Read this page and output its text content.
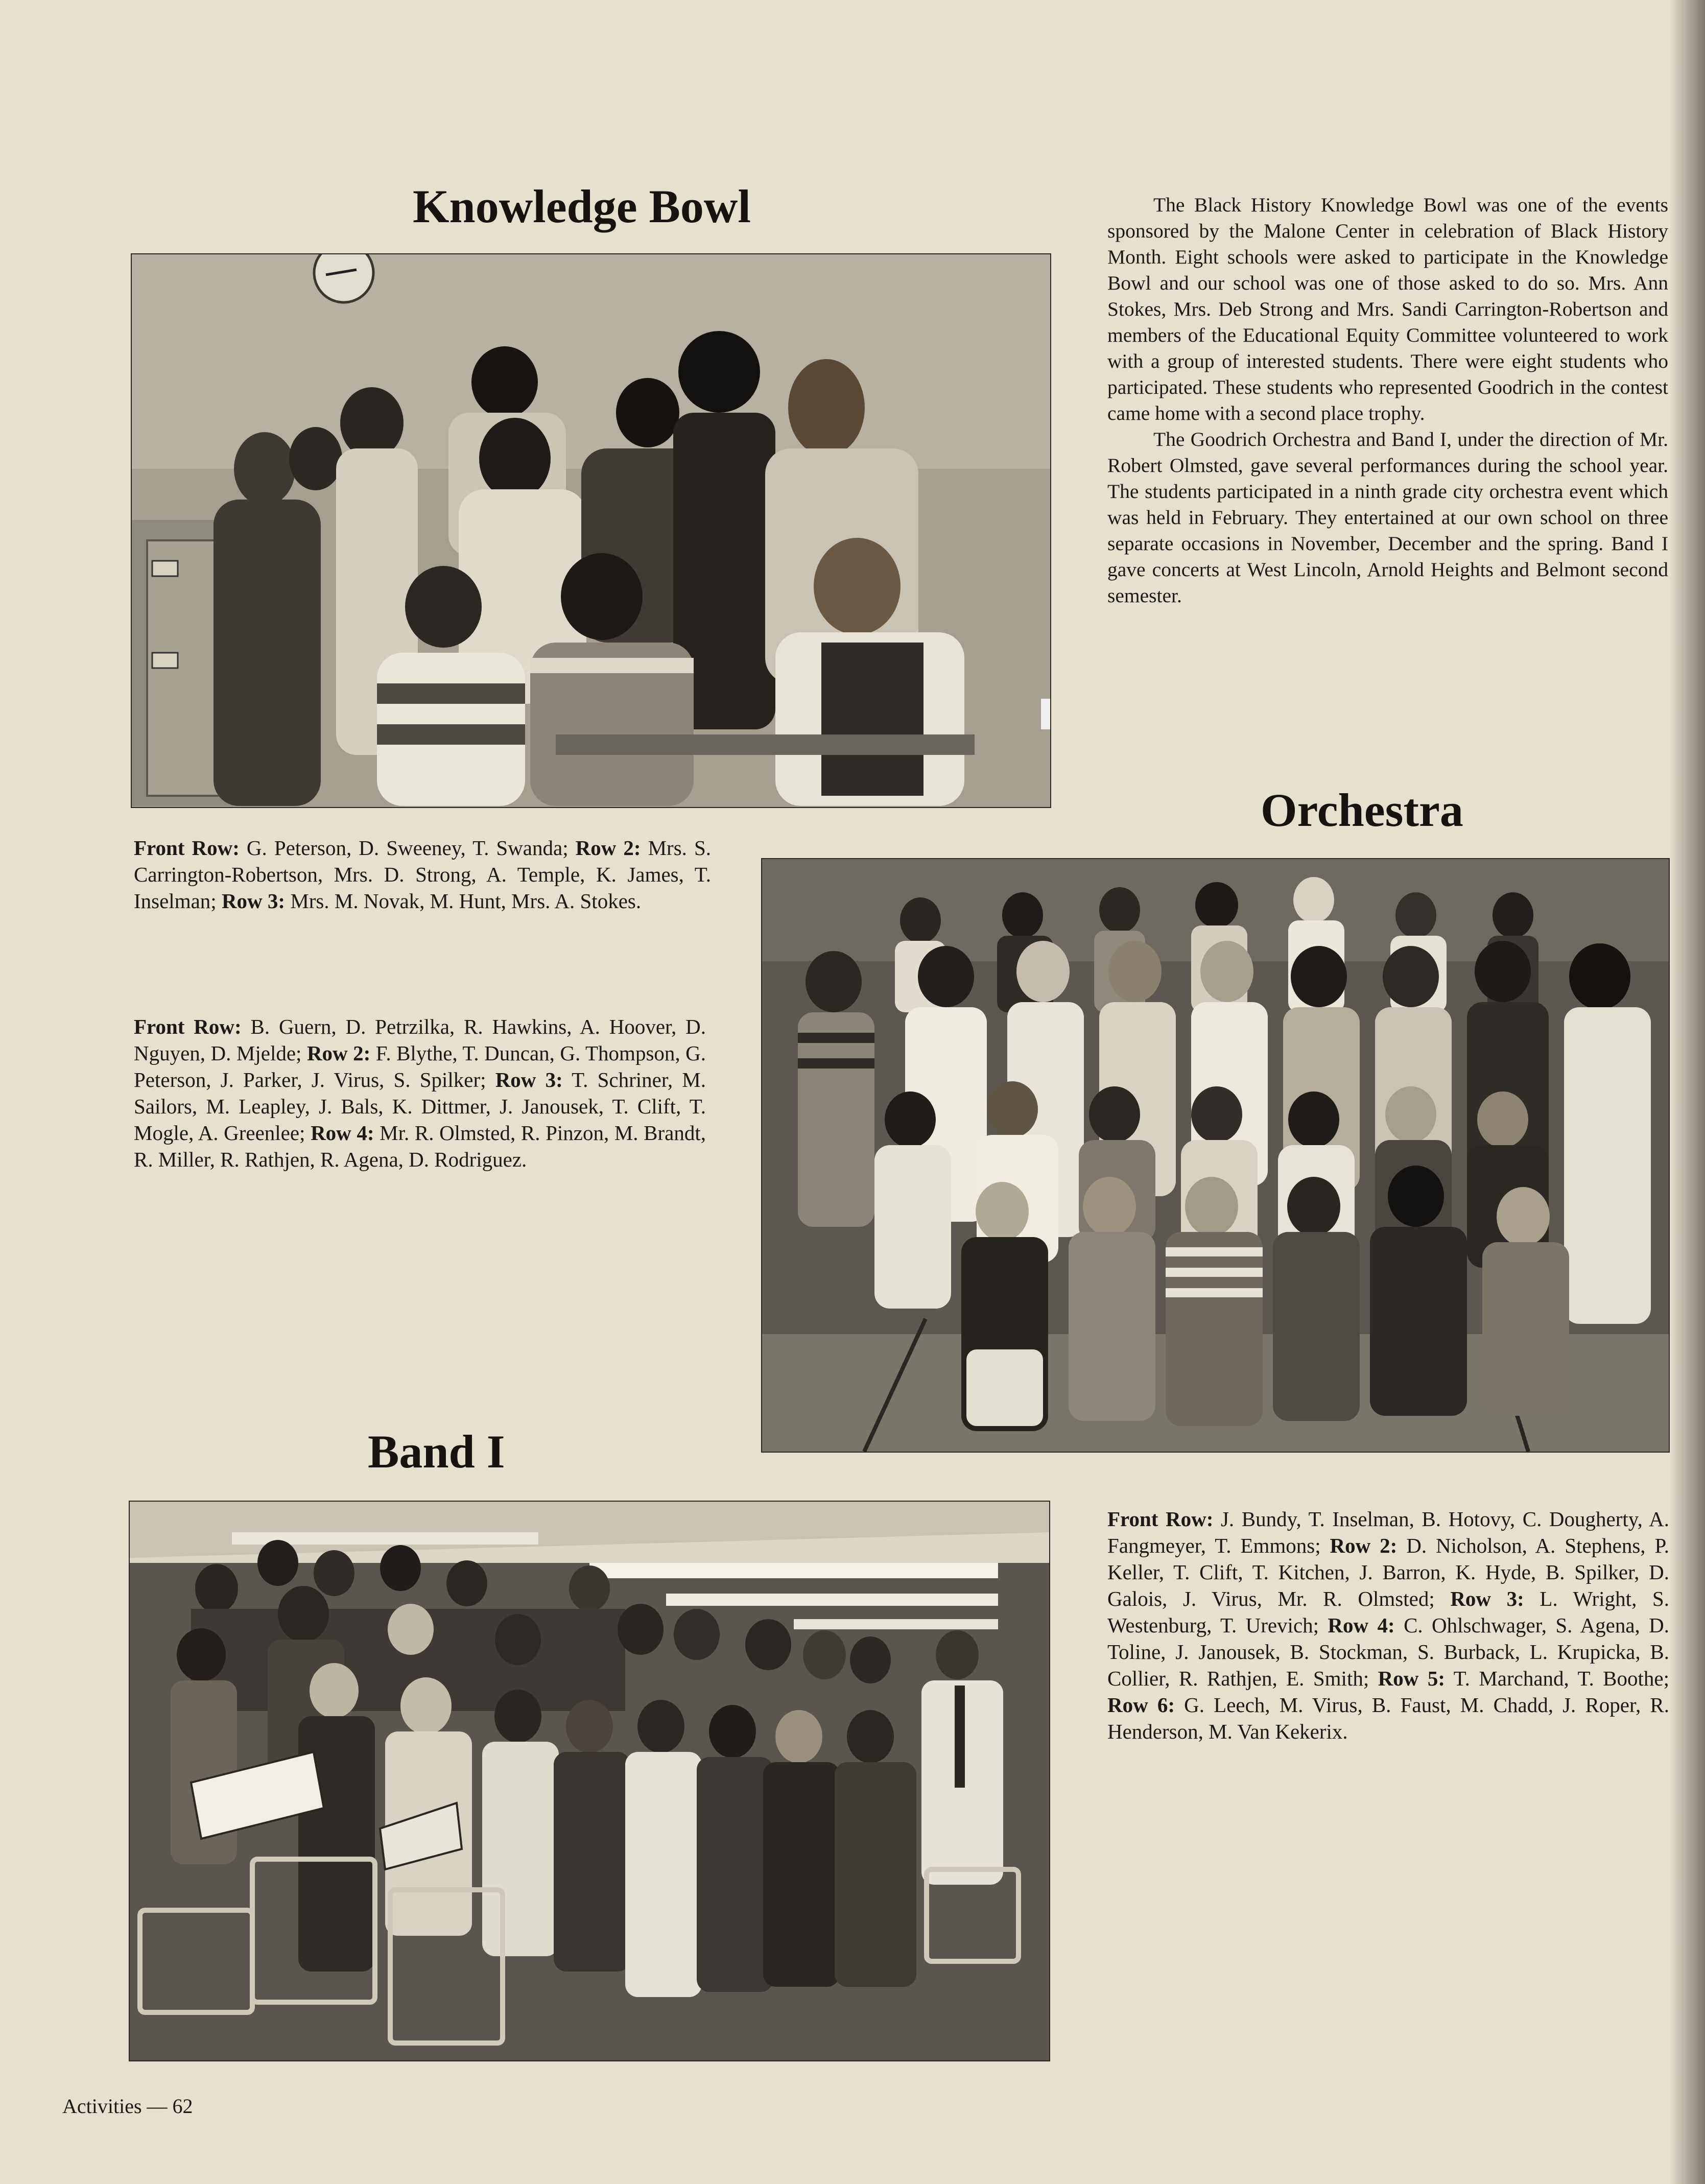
Knowledge Bowl
Front Row: G. Peterson, D. Sweeney, T. Swanda; Row 2: Mrs. S. Carrington-Robertson, Mrs. D. Strong, A. Temple, K. James, T. Inselman; Row 3: Mrs. M. Novak, M. Hunt, Mrs. A. Stokes.

The Black History Knowledge Bowl was one of the events sponsored by the Malone Center in celebration of Black History Month. Eight schools were asked to participate in the Knowledge Bowl and our school was one of those asked to do so. Mrs. Ann Stokes, Mrs. Deb Strong and Mrs. Sandi Carrington-Robertson and members of the Educational Equity Committee volunteered to work with a group of interested students. There were eight students who participated. These students who represented Goodrich in the contest came home with a second place trophy.

The Goodrich Orchestra and Band I, under the direction of Mr. Robert Olmsted, gave several performances during the school year. The students participated in a ninth grade city orchestra event which was held in February. They entertained at our own school on three separate occasions in November, December and the spring. Band I gave concerts at West Lincoln, Arnold Heights and Belmont second semester.

Orchestra
Front Row: B. Guern, D. Petrzilka, R. Hawkins, A. Hoover, D. Nguyen, D. Mjelde; Row 2: F. Blythe, T. Duncan, G. Thompson, G. Peterson, J. Parker, J. Virus, S. Spilker; Row 3: T. Schriner, M. Sailors, M. Leapley, J. Bals, K. Dittmer, J. Janousek, T. Clift, T. Mogle, A. Greenlee; Row 4: Mr. R. Olmsted, R. Pinzon, M. Brandt, R. Miller, R. Rathjen, R. Agena, D. Rodriguez.
Band I
Front Row: J. Bundy, T. Inselman, B. Hotovy, C. Dougherty, A. Fangmeyer, T. Emmons; Row 2: D. Nicholson, A. Stephens, P. Keller, T. Clift, T. Kitchen, J. Barron, K. Hyde, B. Spilker, D. Galois, J. Virus, Mr. R. Olmsted; Row 3: L. Wright, S. Westenburg, T. Urevich; Row 4: C. Ohlschwager, S. Agena, D. Toline, J. Janousek, B. Stockman, S. Burback, L. Krupicka, B. Collier, R. Rathjen, E. Smith; Row 5: T. Marchand, T. Boothe; Row 6: G. Leech, M. Virus, B. Faust, M. Chadd, J. Roper, R. Henderson, M. Van Kekerix.
Activities — 62
